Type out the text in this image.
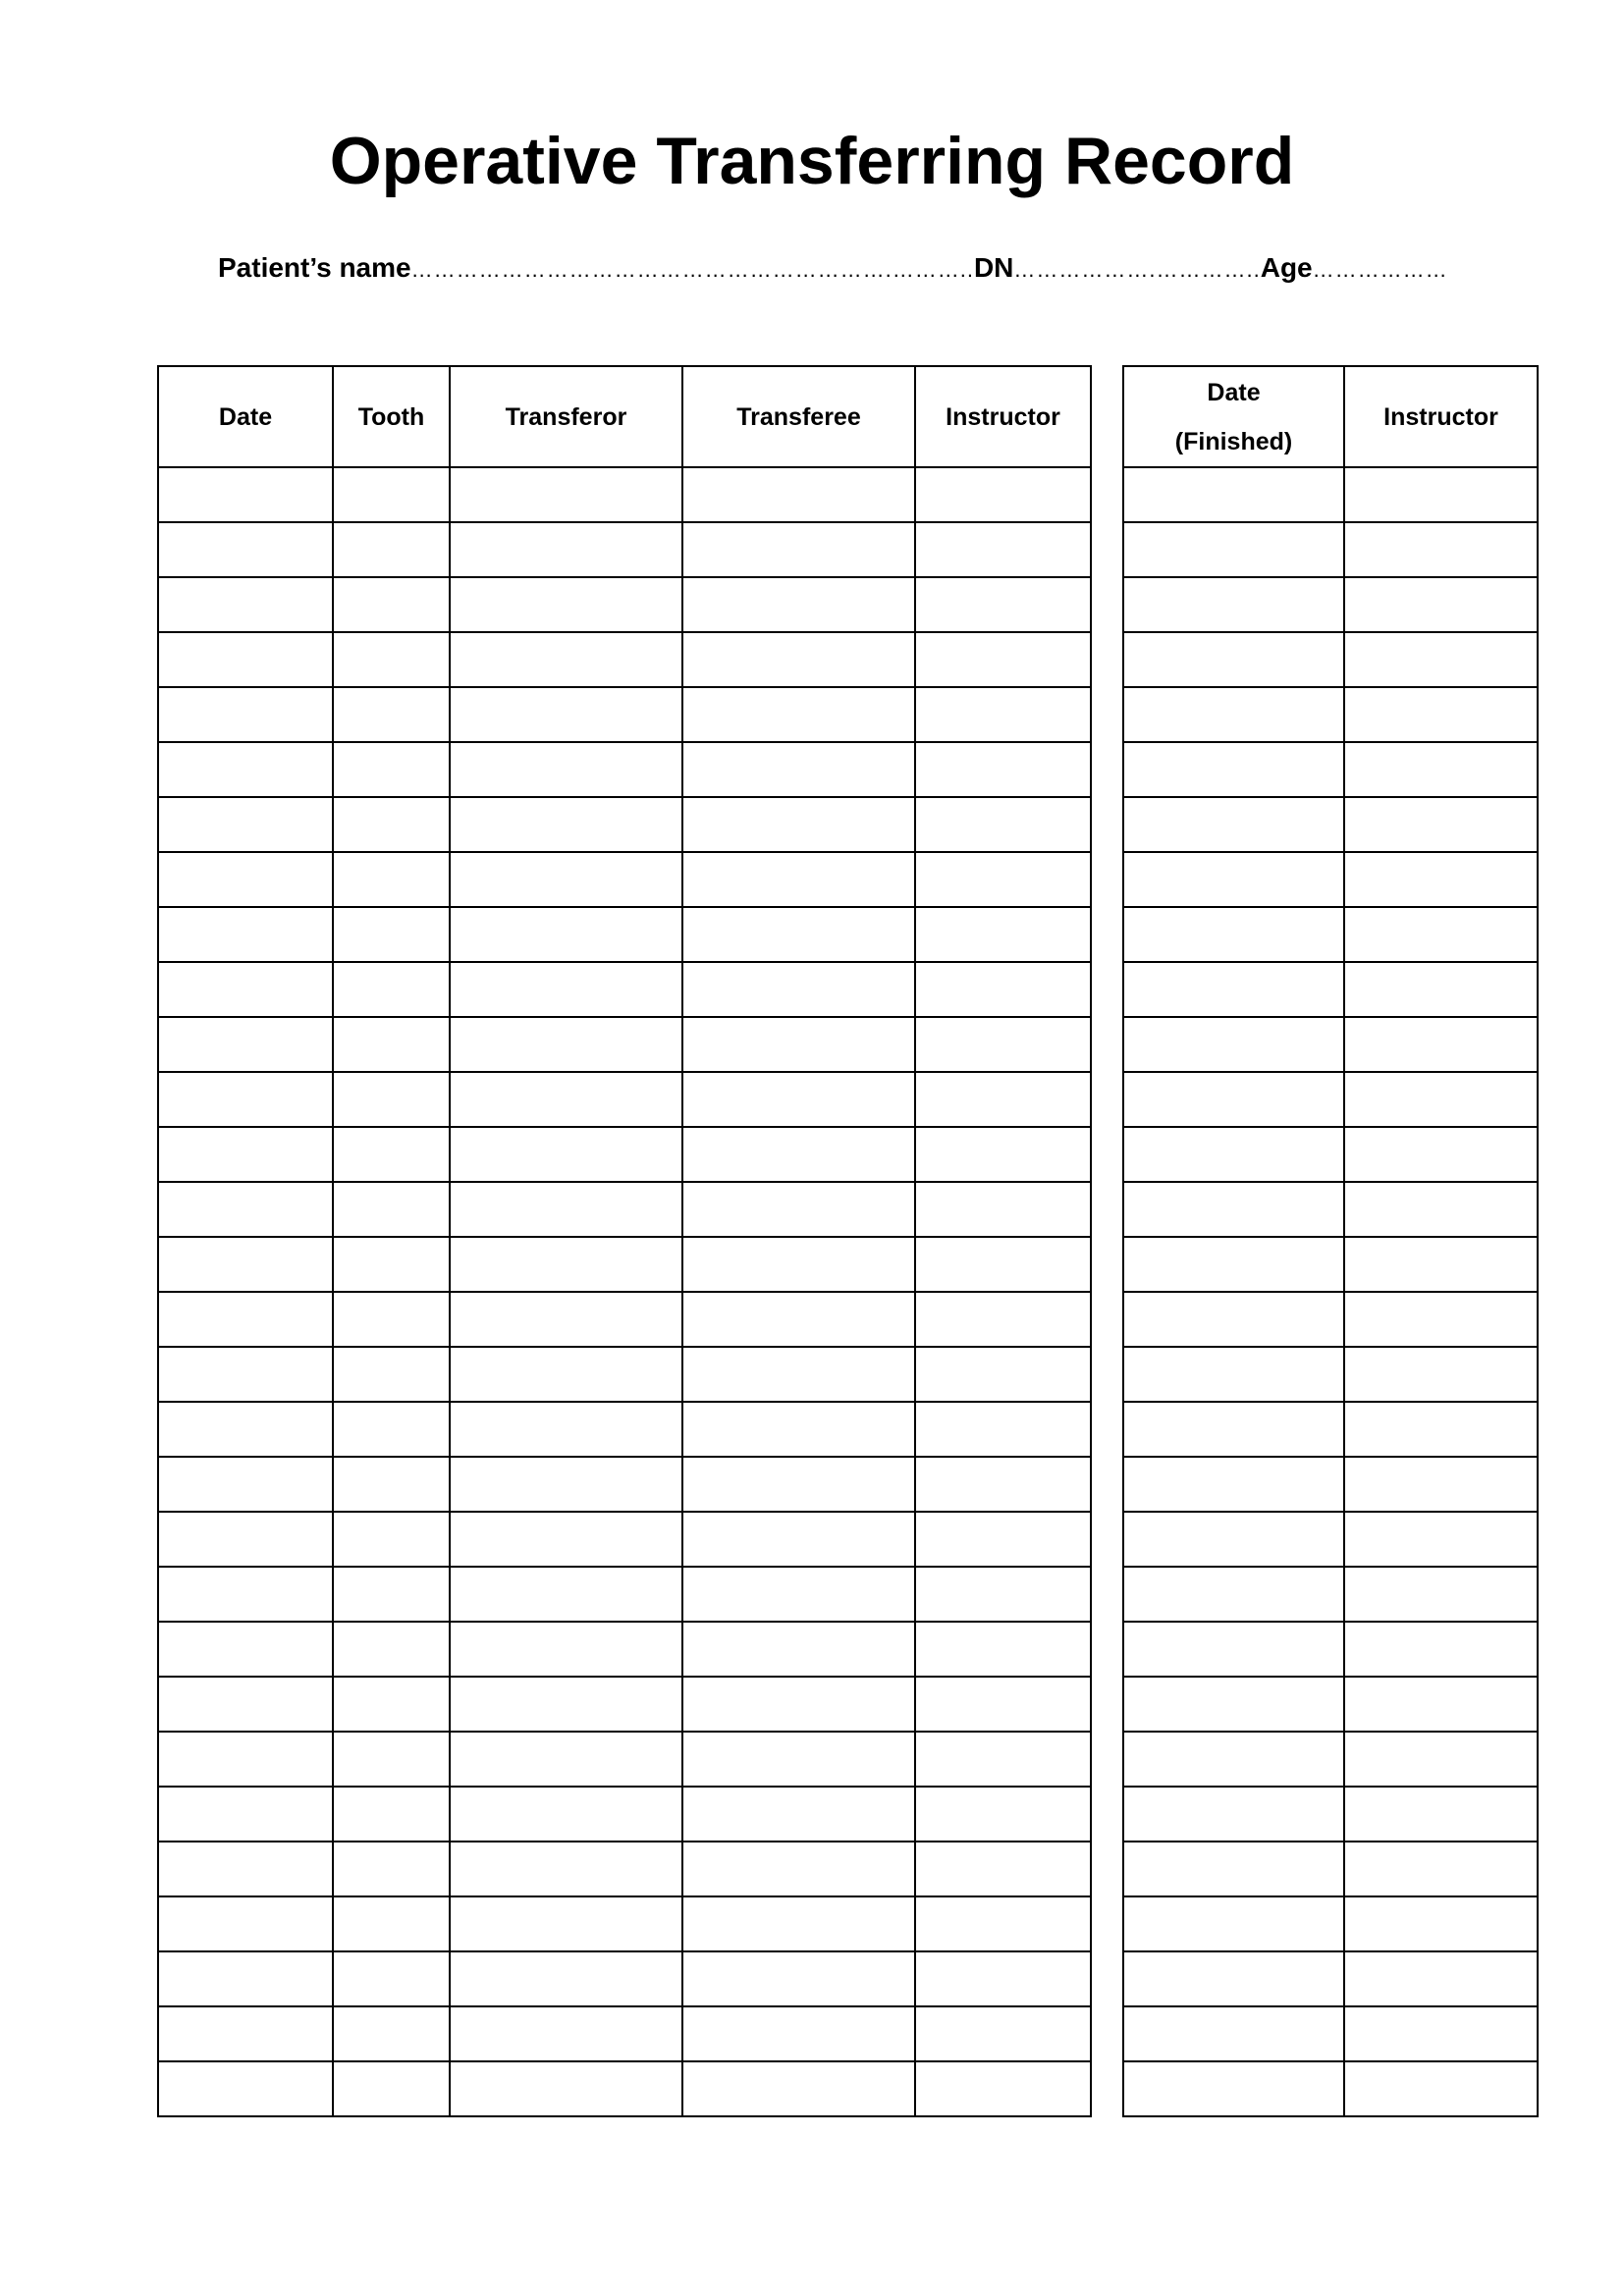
Operative Transferring Record
Patient’s name……………………………………………………….………..DN……………….…………..Age………………
Date	Tooth	Transferor	Transferee	Instructor

Date
(Finished)	Instructor
